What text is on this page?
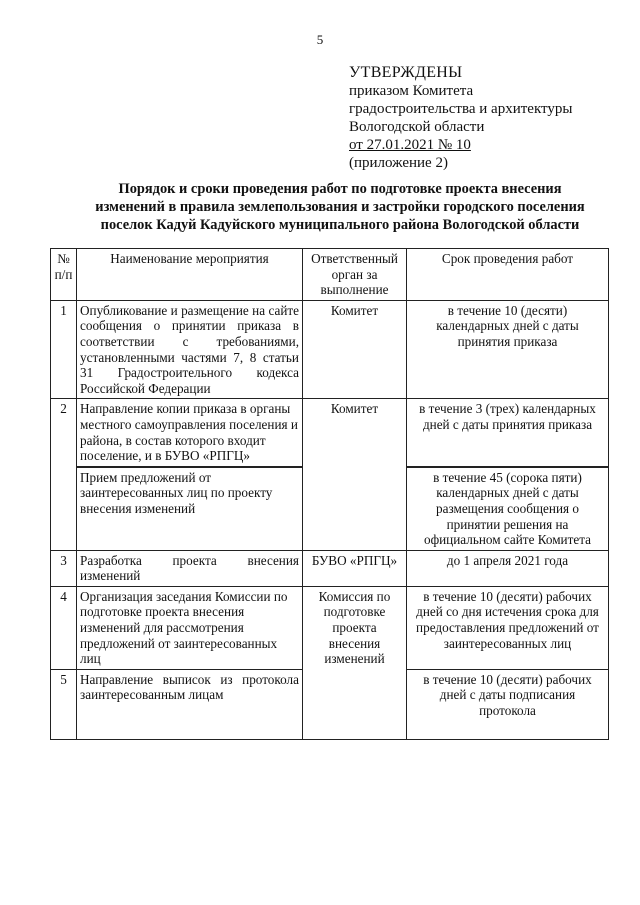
5
УТВЕРЖДЕНЫ
приказом Комитета
градостроительства и архитектуры
Вологодской области
от 27.01.2021 № 10
(приложение 2)
Порядок и сроки проведения работ по подготовке проекта внесения
изменений в правила землепользования и застройки городского поселения
поселок Кадуй Кадуйского муниципального района Вологодской области
№ п/п	Наименование мероприятия	Ответственный орган за выполнение	Срок проведения работ
1	Опубликование и размещение на сайте сообщения о принятии приказа в соответствии с требованиями, установленными частями 7, 8 статьи 31 Градостроительного кодекса Российской Федерации	Комитет	в течение 10 (десяти) календарных дней с даты принятия приказа
2	Направление копии приказа в органы местного самоуправления поселения и района, в состав которого входит поселение, и в БУВО «РПГЦ»	Комитет	в течение 3 (трех) календарных дней с даты принятия приказа
	Прием предложений от заинтересованных лиц по проекту внесения изменений		в течение 45 (сорока пяти) календарных дней с даты размещения сообщения о принятии решения на официальном сайте Комитета
3	Разработка проекта внесения изменений	БУВО «РПГЦ»	до 1 апреля 2021 года
4	Организация заседания Комиссии по подготовке проекта внесения изменений для рассмотрения предложений от заинтересованных лиц	Комиссия по подготовке проекта внесения изменений	в течение 10 (десяти) рабочих дней со дня истечения срока для предоставления предложений от заинтересованных лиц
5	Направление выписок из протокола заинтересованным лицам		в течение 10 (десяти) рабочих дней с даты подписания протокола
